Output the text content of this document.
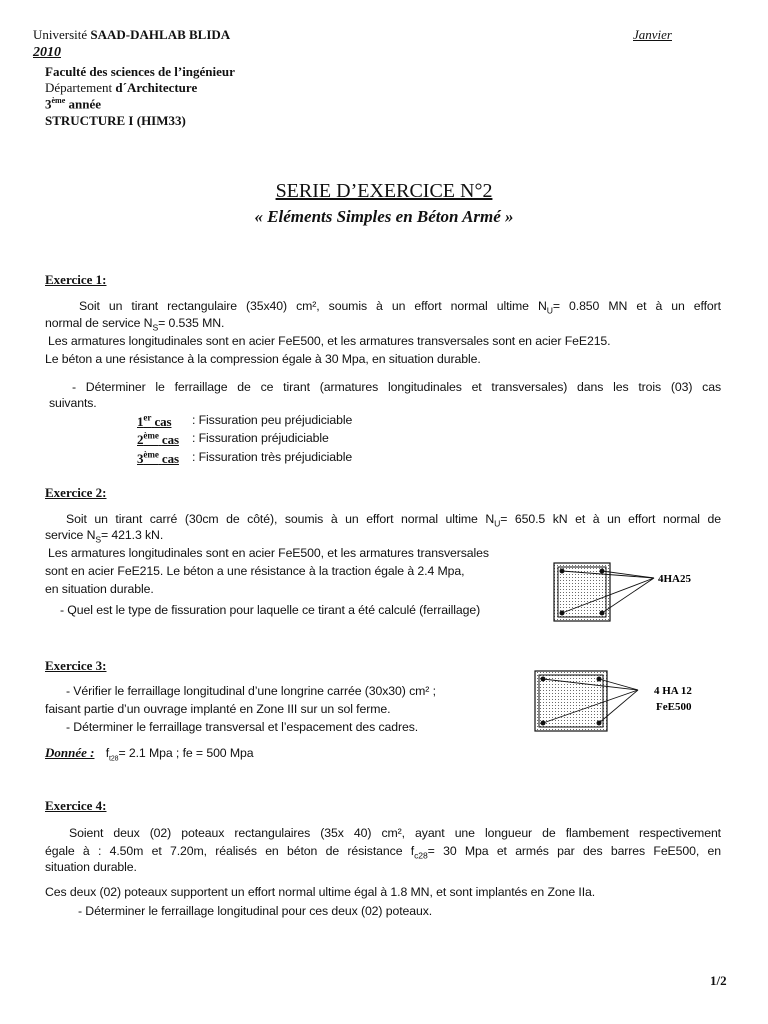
Université SAAD-DAHLAB BLIDA	Janvier
2010
Faculté des sciences de l’ingénieur
Département d´Architecture
3ème année
STRUCTURE I (HIM33)
SERIE D’EXERCICE N°2
« Eléments Simples en Béton Armé »
Exercice 1:
Soit un tirant rectangulaire (35x40) cm², soumis à un effort normal ultime $N_U= 0.850$ MN et à un effort
normal de service $N_S= 0.535$ MN.
Les armatures longitudinales sont en acier FeE500, et les armatures transversales sont en acier FeE215.
Le béton a une résistance à la compression égale à 30 Mpa, en situation durable.
- Déterminer le ferraillage de ce tirant (armatures longitudinales et transversales) dans les trois (03) cas
suivants.
1er cas : Fissuration peu préjudiciable
2ème cas : Fissuration préjudiciable
3ème cas : Fissuration très préjudiciable
Exercice 2:
Soit un tirant carré (30cm de côté), soumis à un effort normal ultime $N_U= 650.5$ kN et à un effort normal de
service $N_S= 421.3$ kN.
Les armatures longitudinales sont en acier FeE500, et les armatures transversales
sont en acier FeE215. Le béton a une résistance à la traction égale à 2.4 Mpa,
en situation durable.
- Quel est le type de fissuration pour laquelle ce tirant a été calculé (ferraillage)
4HA25
Exercice 3:
- Vérifier le ferraillage longitudinal d’une longrine carrée (30x30) cm² ;
faisant partie d’un ouvrage implanté en Zone III sur un sol ferme.
- Déterminer le ferraillage transversal et l’espacement des cadres.
Donnée : $f_{t28}= 2.1$ Mpa ; fe = 500 Mpa
4 HA 12
FeE500
Exercice 4:
Soient deux (02) poteaux rectangulaires (35x 40) cm², ayant une longueur de flambement respectivement
égale à : 4.50m et 7.20m, réalisés en béton de résistance $f_{c28}= 30$ Mpa et armés par des barres FeE500, en
situation durable.
Ces deux (02) poteaux supportent un effort normal ultime égal à 1.8 MN, et sont implantés en Zone IIa.
- Déterminer le ferraillage longitudinal pour ces deux (02) poteaux.
1/2
